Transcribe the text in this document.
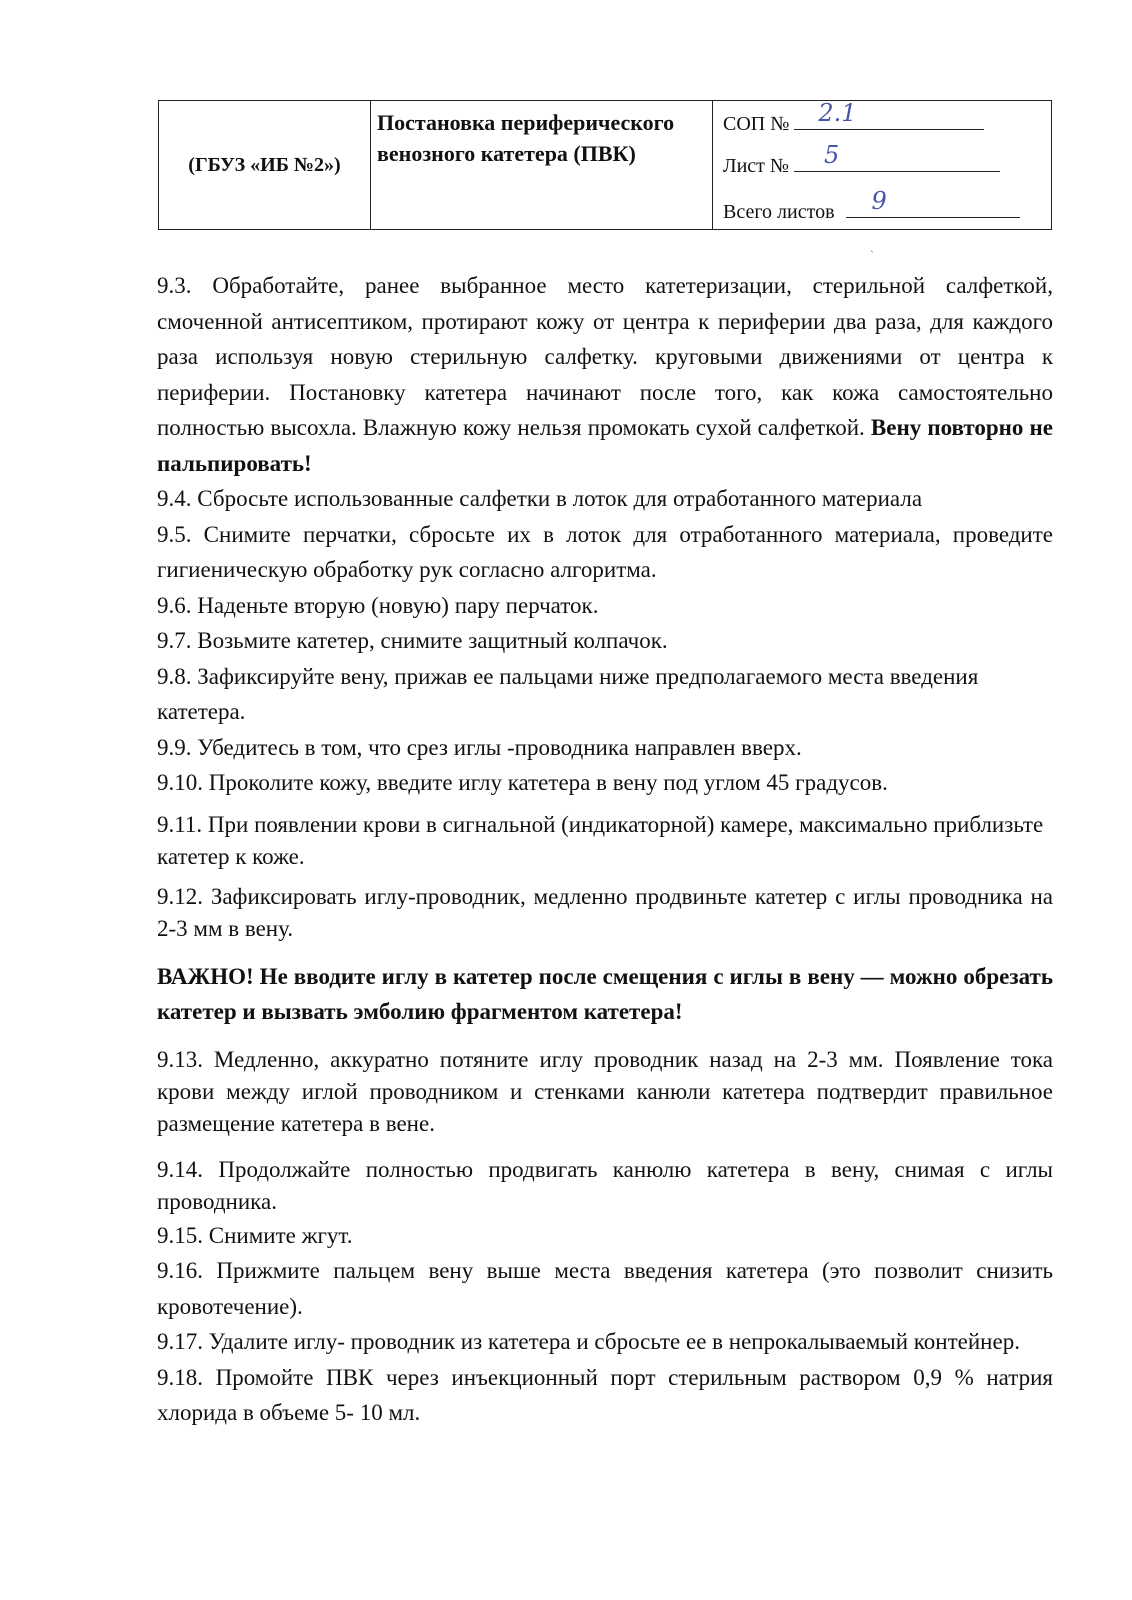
(ГБУЗ «ИБ №2»)
Постановка периферического венозного катетера (ПВК)
СОП № 2.1
Лист № 5
Всего листов 9
ˋ

9.3. Обработайте, ранее выбранное место катетеризации, стерильной салфеткой, смоченной антисептиком, протирают кожу от центра к периферии два раза, для каждого раза используя новую стерильную салфетку. круговыми движениями от центра к периферии. Постановку катетера начинают после того, как кожа самостоятельно полностью высохла. Влажную кожу нельзя промокать сухой салфеткой. Вену повторно не пальпировать!

9.4. Сбросьте использованные салфетки в лоток для отработанного материала

9.5. Снимите перчатки, сбросьте их в лоток для отработанного материала, проведите гигиеническую обработку рук согласно алгоритма.

9.6. Наденьте вторую (новую) пару перчаток.

9.7. Возьмите катетер, снимите защитный колпачок.

9.8. Зафиксируйте вену, прижав ее пальцами ниже предполагаемого места введения катетера.

9.9. Убедитесь в том, что срез иглы -проводника направлен вверх.

9.10. Проколите кожу, введите иглу катетера в вену под углом 45 градусов.

9.11. При появлении крови в сигнальной (индикаторной) камере, максимально приблизьте катетер к коже.

9.12. Зафиксировать иглу-проводник, медленно продвиньте катетер с иглы проводника на 2-3 мм в вену.

ВАЖНО! Не вводите иглу в катетер после смещения с иглы в вену — можно обрезать катетер и вызвать эмболию фрагментом катетера!

9.13. Медленно, аккуратно потяните иглу проводник назад на 2-3 мм. Появление тока крови между иглой проводником и стенками канюли катетера подтвердит правильное размещение катетера в вене.

9.14. Продолжайте полностью продвигать канюлю катетера в вену, снимая с иглы проводника.

9.15. Снимите жгут.

9.16. Прижмите пальцем вену выше места введения катетера (это позволит снизить кровотечение).

9.17. Удалите иглу- проводник из катетера и сбросьте ее в непрокалываемый контейнер.

9.18. Промойте ПВК через инъекционный порт стерильным раствором 0,9 % натрия хлорида в объеме 5- 10 мл.
